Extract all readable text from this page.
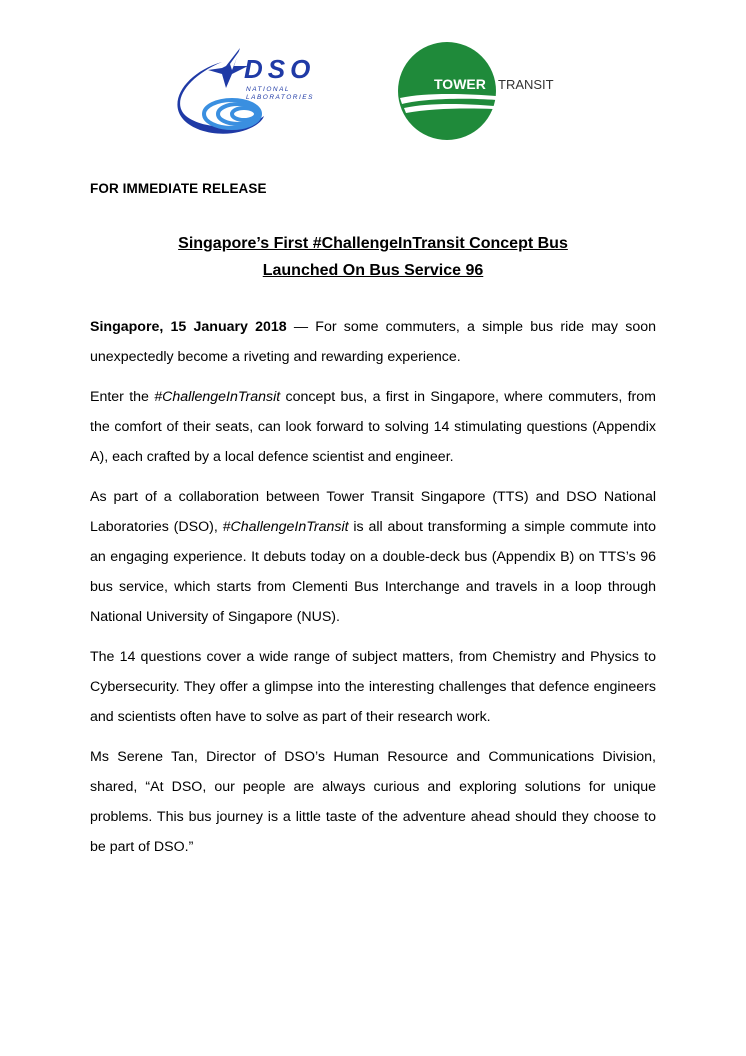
DSO
NATIONAL
LABORATORIES
TOWER TRANSIT
FOR IMMEDIATE RELEASE
Singapore’s First #ChallengeInTransit Concept Bus
Launched On Bus Service 96

Singapore, 15 January 2018 — For some commuters, a simple bus ride may soon unexpectedly become a riveting and rewarding experience.

Enter the #ChallengeInTransit concept bus, a first in Singapore, where commuters, from the comfort of their seats, can look forward to solving 14 stimulating questions (Appendix A), each crafted by a local defence scientist and engineer.

As part of a collaboration between Tower Transit Singapore (TTS) and DSO National Laboratories (DSO), #ChallengeInTransit is all about transforming a simple commute into an engaging experience. It debuts today on a double-deck bus (Appendix B) on TTS’s 96 bus service, which starts from Clementi Bus Interchange and travels in a loop through National University of Singapore (NUS).

The 14 questions cover a wide range of subject matters, from Chemistry and Physics to Cybersecurity. They offer a glimpse into the interesting challenges that defence engineers and scientists often have to solve as part of their research work.

Ms Serene Tan, Director of DSO’s Human Resource and Communications Division, shared, “At DSO, our people are always curious and exploring solutions for unique problems. This bus journey is a little taste of the adventure ahead should they choose to be part of DSO.”
